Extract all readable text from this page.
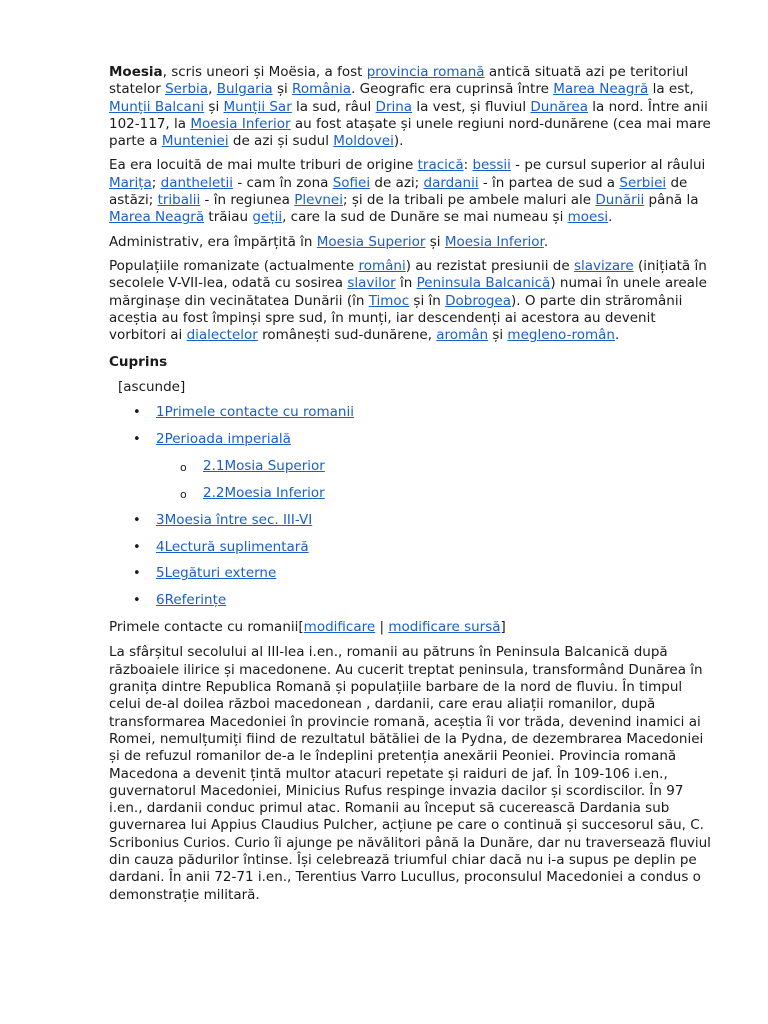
Moesia, scris uneori și Moësia, a fost provincia romană antică situată azi pe teritoriul statelor Serbia, Bulgaria și România. Geografic era cuprinsă între Marea Neagră la est, Munții Balcani și Munții Sar la sud, râul Drina la vest, și fluviul Dunărea la nord. Între anii 102-117, la Moesia Inferior au fost atașate și unele regiuni nord-dunărene (cea mai mare parte a Munteniei de azi și sudul Moldovei).

Ea era locuită de mai multe triburi de origine tracică: bessii - pe cursul superior al râului Marița; dantheletii - cam în zona Sofiei de azi; dardanii - în partea de sud a Serbiei de astăzi; tribalii - în regiunea Plevnei; și de la tribali pe ambele maluri ale Dunării până la Marea Neagră trăiau geții, care la sud de Dunăre se mai numeau și moesi.

Administrativ, era împărțită în Moesia Superior și Moesia Inferior.

Populațiile romanizate (actualmente români) au rezistat presiunii de slavizare (inițiată în secolele V-VII-lea, odată cu sosirea slavilor în Peninsula Balcanică) numai în unele areale mărginașe din vecinătatea Dunării (în Timoc și în Dobrogea). O parte din străromânii aceștia au fost împinși spre sud, în munți, iar descendenți ai acestora au devenit vorbitori ai dialectelor românești sud-dunărene, aromân și megleno-român.

Cuprins
[ascunde]
• 1Primele contacte cu romanii
• 2Perioada imperială
o 2.1Mosia Superior
o 2.2Moesia Inferior
• 3Moesia între sec. III-VI
• 4Lectură suplimentară
• 5Legături externe
• 6Referințe
Primele contacte cu romanii[modificare | modificare sursă]

La sfârșitul secolului al III-lea i.en., romanii au pătruns în Peninsula Balcanică după războaiele ilirice și macedonene. Au cucerit treptat peninsula, transformând Dunărea în granița dintre Republica Romană și populațiile barbare de la nord de fluviu. În timpul celui de-al doilea război macedonean , dardanii, care erau aliații romanilor, după transformarea Macedoniei în provincie romană, aceștia îi vor trăda, devenind inamici ai Romei, nemulțumiți fiind de rezultatul bătăliei de la Pydna, de dezembrarea Macedoniei și de refuzul romanilor de-a le îndeplini pretenția anexării Peoniei. Provincia romană Macedona a devenit țintă multor atacuri repetate și raiduri de jaf. În 109-106 i.en., guvernatorul Macedoniei, Minicius Rufus respinge invazia dacilor și scordiscilor. În 97 i.en., dardanii conduc primul atac. Romanii au început să cucerească Dardania sub guvernarea lui Appius Claudius Pulcher, acțiune pe care o continuă și succesorul său, C. Scribonius Curios. Curio îi ajunge pe năvălitori până la Dunăre, dar nu traversează fluviul din cauza pădurilor întinse. Își celebrează triumful chiar dacă nu i-a supus pe deplin pe dardani. În anii 72-71 i.en., Terentius Varro Lucullus, proconsulul Macedoniei a condus o demonstrație militară.
